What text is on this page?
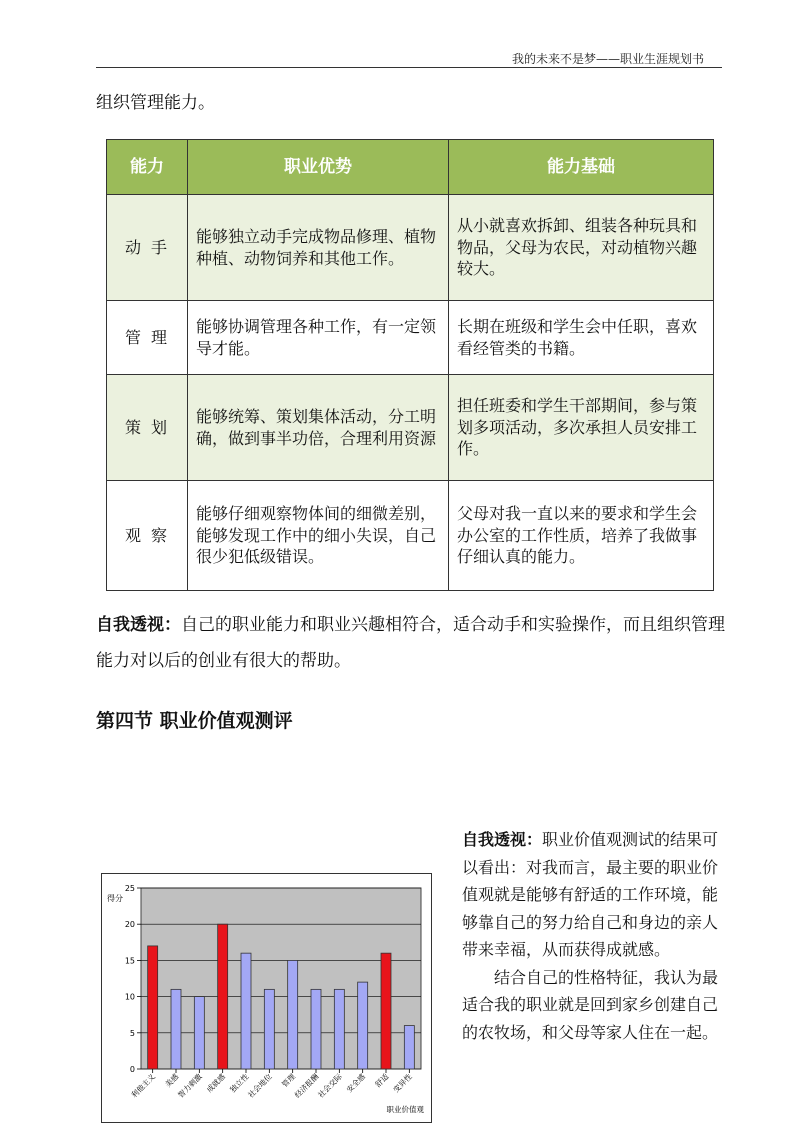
我的未来不是梦——职业生涯规划书
组织管理能力。
能力	职业优势	能力基础
动手	能够独立动手完成物品修理、植物种植、动物饲养和其他工作。	从小就喜欢拆卸、组装各种玩具和物品，父母为农民，对动植物兴趣较大。
管理	能够协调管理各种工作，有一定领导才能。	长期在班级和学生会中任职，喜欢看经管类的书籍。
策划	能够统筹、策划集体活动，分工明确，做到事半功倍，合理利用资源	担任班委和学生干部期间，参与策划多项活动，多次承担人员安排工作。
观察	能够仔细观察物体间的细微差别，能够发现工作中的细小失误，自己很少犯低级错误。	父母对我一直以来的要求和学生会办公室的工作性质，培养了我做事仔细认真的能力。
自我透视：自己的职业能力和职业兴趣相符合，适合动手和实验操作，而且组织管理能力对以后的创业有很大的帮助。
第四节 职业价值观测评
0
5
10
15
20
25
得分
利他主义 美感
智力刺激 成就感 独立性
社会地位 管理
经济报酬
社会交际 安全感 舒适 变异性
职业价值观

自我透视：职业价值观测试的结果可以看出：对我而言，最主要的职业价值观就是能够有舒适的工作环境，能够靠自己的努力给自己和身边的亲人带来幸福，从而获得成就感。

结合自己的性格特征，我认为最适合我的职业就是回到家乡创建自己的农牧场，和父母等家人住在一起。
